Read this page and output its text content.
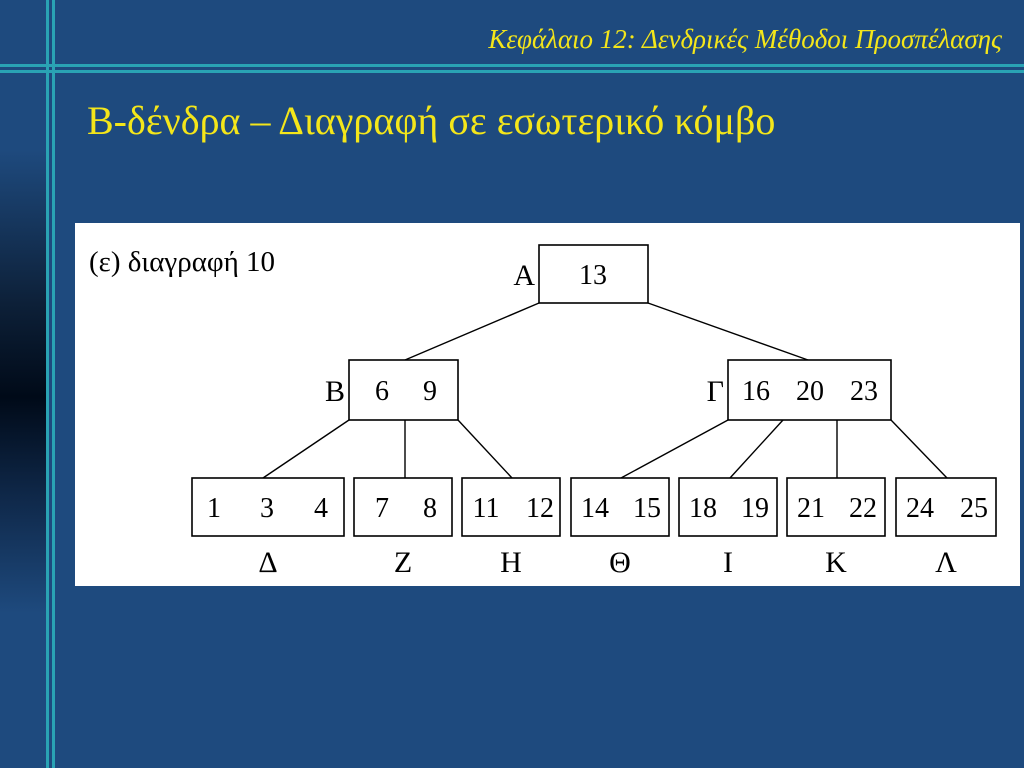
Κεφάλαιο 12: Δενδρικές Μέθοδοι Προσπέλασης
B-δένδρα – Διαγραφή σε εσωτερικό κόμβο
(ε) διαγραφή 10	13
A
6 9
B	16 20 23
Γ
1 3 4
Δ
7 8
Z
11 12
H
14 15
Θ
18 19
I
21 22
K
24 25
Λ
